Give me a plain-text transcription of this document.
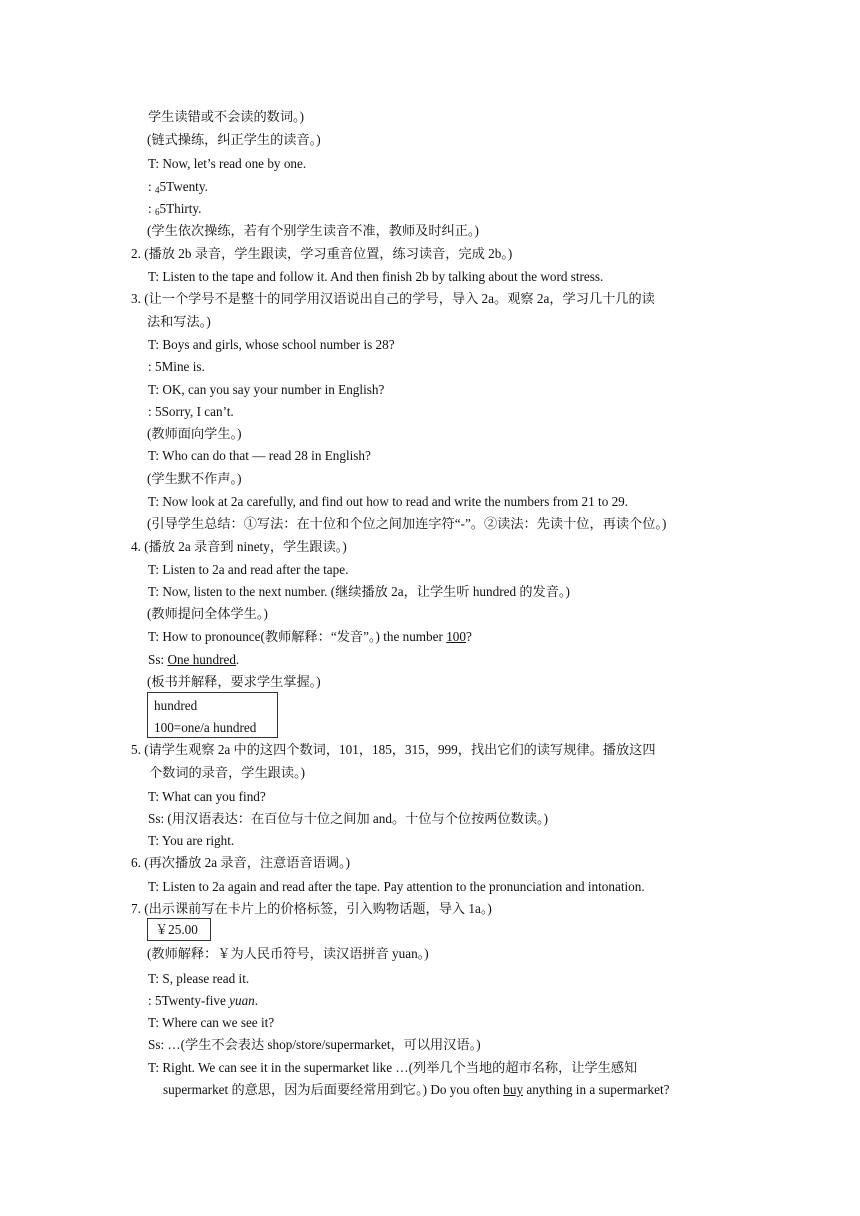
学生读错或不会读的数词。)
(链式操练，纠正学生的读音。)
T: Now, let’s read one by one.
: $_4$5Twenty.
: $_6$5Thirty.
(学生依次操练，若有个别学生读音不准，教师及时纠正。)
2. (播放 2b 录音，学生跟读，学习重音位置，练习读音，完成 2b。)
T: Listen to the tape and follow it. And then finish 2b by talking about the word stress.
3. (让一个学号不是整十的同学用汉语说出自己的学号，导入 2a。观察 2a，学习几十几的读
法和写法。)
T: Boys and girls, whose school number is 28?
: 5Mine is.
T: OK, can you say your number in English?
: 5Sorry, I can’t.
(教师面向学生。)
T: Who can do that — read 28 in English?
(学生默不作声。)
T: Now look at 2a carefully, and find out how to read and write the numbers from 21 to 29.
(引导学生总结：①写法：在十位和个位之间加连字符“-”。②读法：先读十位，再读个位。)
4. (播放 2a 录音到 ninety，学生跟读。)
T: Listen to 2a and read after the tape.
T: Now, listen to the next number. (继续播放 2a，让学生听 hundred 的发音。)
(教师提问全体学生。)
T: How to pronounce(教师解释：“发音”。) the number 100?
Ss: One hundred.
(板书并解释，要求学生掌握。)
hundred
100=one/a hundred
5. (请学生观察 2a 中的这四个数词，101，185，315，999，找出它们的读写规律。播放这四
个数词的录音，学生跟读。)
T: What can you find?
Ss: (用汉语表达：在百位与十位之间加 and。十位与个位按两位数读。)
T: You are right.
6. (再次播放 2a 录音，注意语音语调。)
T: Listen to 2a again and read after the tape. Pay attention to the pronunciation and intonation.
7. (出示课前写在卡片上的价格标签，引入购物话题，导入 1a。)
￥25.00
(教师解释：￥为人民币符号，读汉语拼音 yuan。)
T: S, please read it.
: 5Twenty-five yuan.
T: Where can we see it?
Ss: …(学生不会表达 shop/store/supermarket，可以用汉语。)
T: Right. We can see it in the supermarket like …(列举几个当地的超市名称，让学生感知
supermarket 的意思，因为后面要经常用到它。) Do you often buy anything in a supermarket?
